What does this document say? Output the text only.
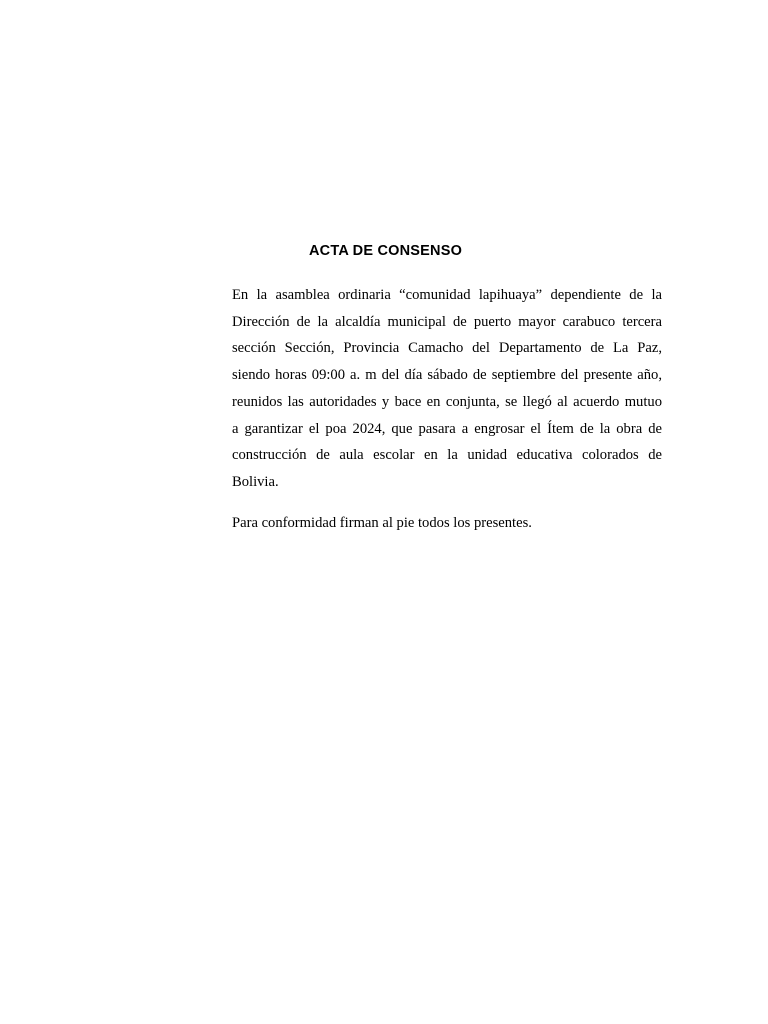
ACTA DE CONSENSO

En la asamblea ordinaria “comunidad lapihuaya” dependiente de la
Dirección de la alcaldía municipal de puerto mayor carabuco tercera
sección Sección, Provincia Camacho del Departamento de La Paz,
siendo horas 09:00 a. m del día sábado de septiembre del presente año,
reunidos las autoridades y bace en conjunta, se llegó al acuerdo mutuo
a garantizar el poa 2024, que pasara a engrosar el Ítem de la obra de
construcción de aula escolar en la unidad educativa colorados de
Bolivia.

Para conformidad firman al pie todos los presentes.
